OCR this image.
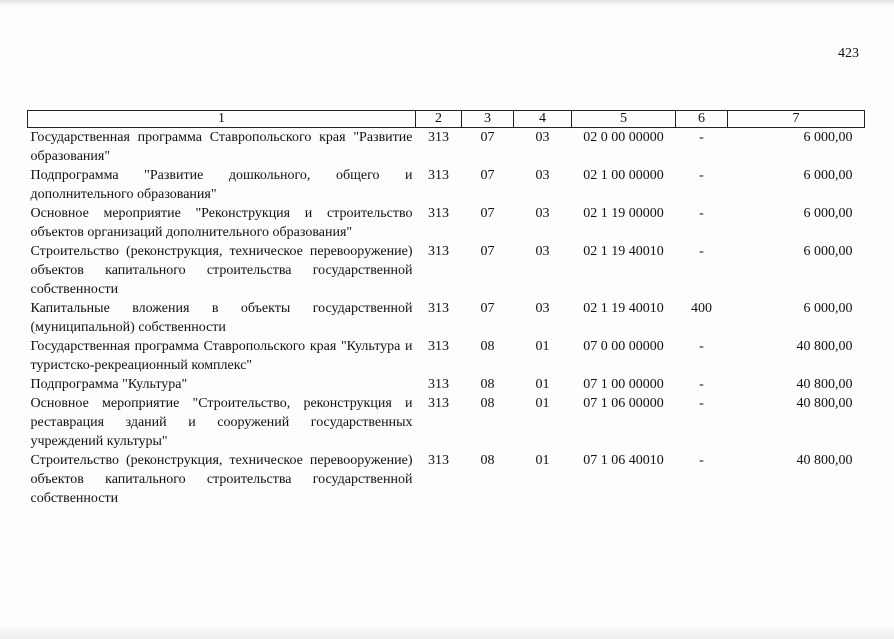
423
1	2	3	4	5	6	7
Государственная программа Ставропольского края "Развитие образования"	313	07	03	02 0 00 00000	-	6 000,00
Подпрограмма "Развитие дошкольного, общего и дополнительного образования"	313	07	03	02 1 00 00000	-	6 000,00
Основное мероприятие "Реконструкция и строительство объектов организаций дополнительного образования"	313	07	03	02 1 19 00000	-	6 000,00
Строительство (реконструкция, техническое перевооружение) объектов капитального строительства государственной собственности	313	07	03	02 1 19 40010	-	6 000,00
Капитальные вложения в объекты государственной (муниципальной) собственности	313	07	03	02 1 19 40010	400	6 000,00
Государственная программа Ставропольского края "Культура и туристско-рекреационный комплекс"	313	08	01	07 0 00 00000	-	40 800,00
Подпрограмма "Культура"	313	08	01	07 1 00 00000	-	40 800,00
Основное мероприятие "Строительство, реконструкция и реставрация зданий и сооружений государственных учреждений культуры"	313	08	01	07 1 06 00000	-	40 800,00
Строительство (реконструкция, техническое перевооружение) объектов капитального строительства государственной собственности	313	08	01	07 1 06 40010	-	40 800,00
